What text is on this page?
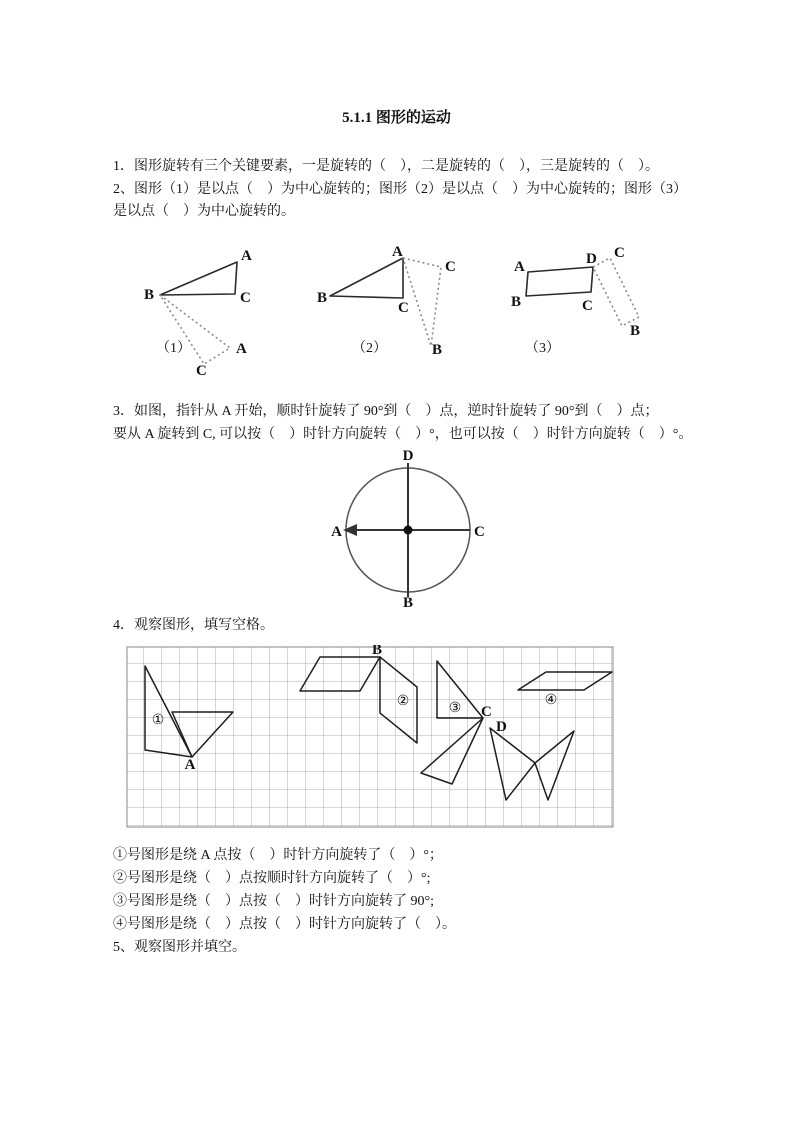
5.1.1 图形的运动
1．图形旋转有三个关键要素，一是旋转的（　），二是旋转的（　），三是旋转的（　）。
2、图形（1）是以点（　）为中心旋转的；图形（2）是以点（　）为中心旋转的；图形（3）
是以点（　）为中心旋转的。
A
B	C
A
C
（1）
A
B
C
C
B
（2）
A	D
B	C
C
B
（3）
3．如图，指针从 A 开始，顺时针旋转了 90°到（　）点，逆时针旋转了 90°到（　）点；
要从 A 旋转到 C, 可以按（　）时针方向旋转（　）°，也可以按（　）时针方向旋转（　）°。
D
A	C
B
4．观察图形，填写空格。
①
②	③
④
A
B
C
D
①号图形是绕 A 点按（　）时针方向旋转了（　）°；
②号图形是绕（　）点按顺时针方向旋转了（　）°;
③号图形是绕（　）点按（　）时针方向旋转了 90°;
④号图形是绕（　）点按（　）时针方向旋转了（　）。
5、观察图形并填空。
